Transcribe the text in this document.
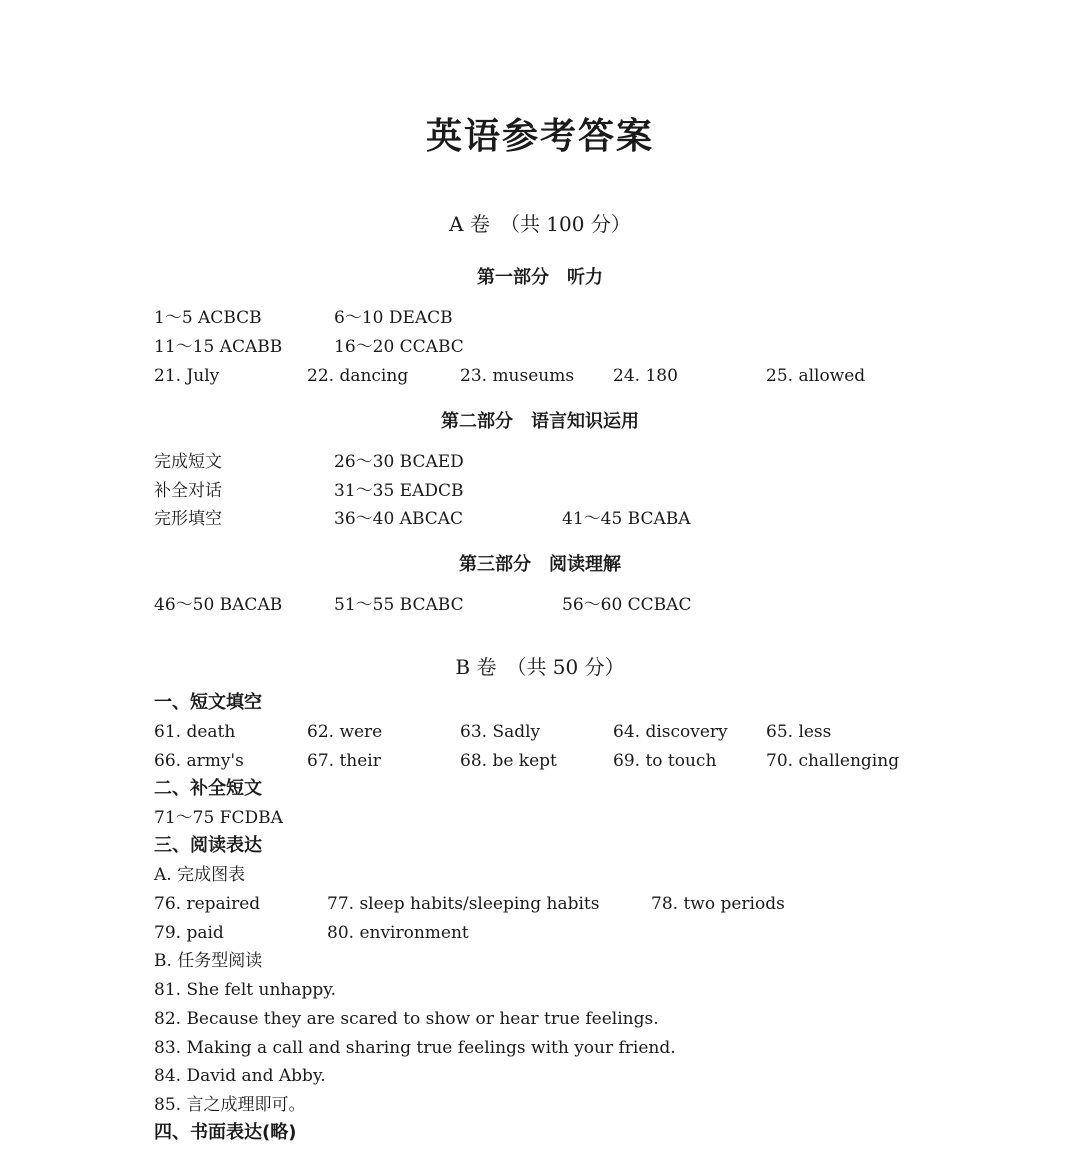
英语参考答案
A 卷　（共 100 分）
第一部分　听力
1～5 ACBCB	6～10 DEACB
11～15 ACABB	16～20 CCABC
21. July	22. dancing	23. museums 24. 180	25. allowed
第二部分　语言知识运用
完成短文	26～30 BCAED
补全对话	31～35 EADCB
完形填空	36～40 ABCAC	41～45 BCABA
第三部分　阅读理解
46～50 BACAB	51～55 BCABC	56～60 CCBAC
B 卷　（共 50 分）
一、短文填空
61. death	62. were	63. Sadly	64. discovery 65. less
66. army's	67. their	68. be kept	69. to touch	70. challenging
二、补全短文
71～75 FCDBA
三、阅读表达
A. 完成图表
76. repaired	77. sleep habits/sleeping habits	78. two periods
79. paid	80. environment
B. 任务型阅读
81. She felt unhappy.
82. Because they are scared to show or hear true feelings.
83. Making a call and sharing true feelings with your friend.
84. David and Abby.
85. 言之成理即可。
四、书面表达(略)
